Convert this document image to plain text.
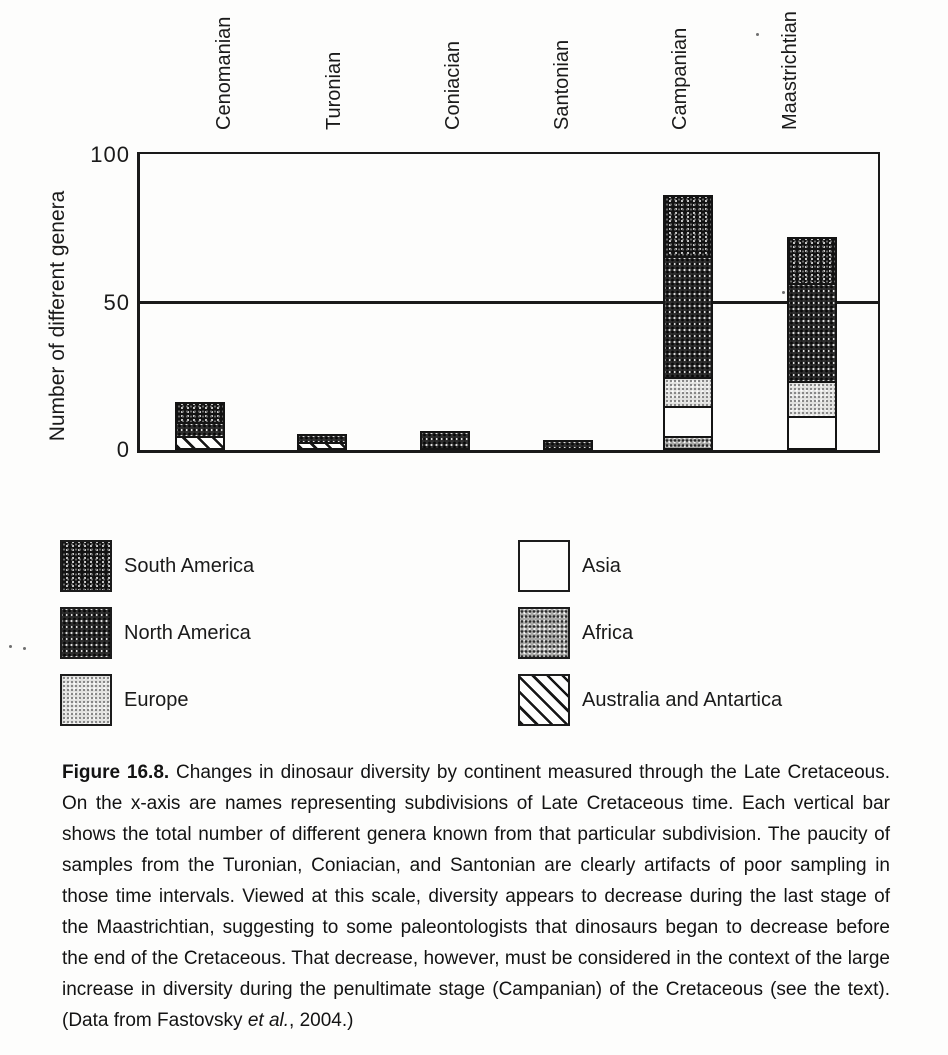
Number of different genera

Figure 16.8. Changes in dinosaur diversity by continent measured through the Late Cretaceous. On the x-axis are names representing subdivisions of Late Cretaceous time. Each vertical bar shows the total number of different genera known from that particular subdivision. The paucity of samples from the Turonian, Coniacian, and Santonian are clearly artifacts of poor sampling in those time intervals. Viewed at this scale, diversity appears to decrease during the last stage of the Maastrichtian, suggesting to some paleontologists that dinosaurs began to decrease before the end of the Cretaceous. That decrease, however, must be considered in the context of the large increase in diversity during the penultimate stage (Campanian) of the Cretaceous (see the text). (Data from Fastovsky et al., 2004.)

0
50
100
Cenomanian	Turonian	Coniacian	Santonian	Campanian	Maastrichtian
South America
North America
Europe
Asia
Africa
Australia and Antartica
